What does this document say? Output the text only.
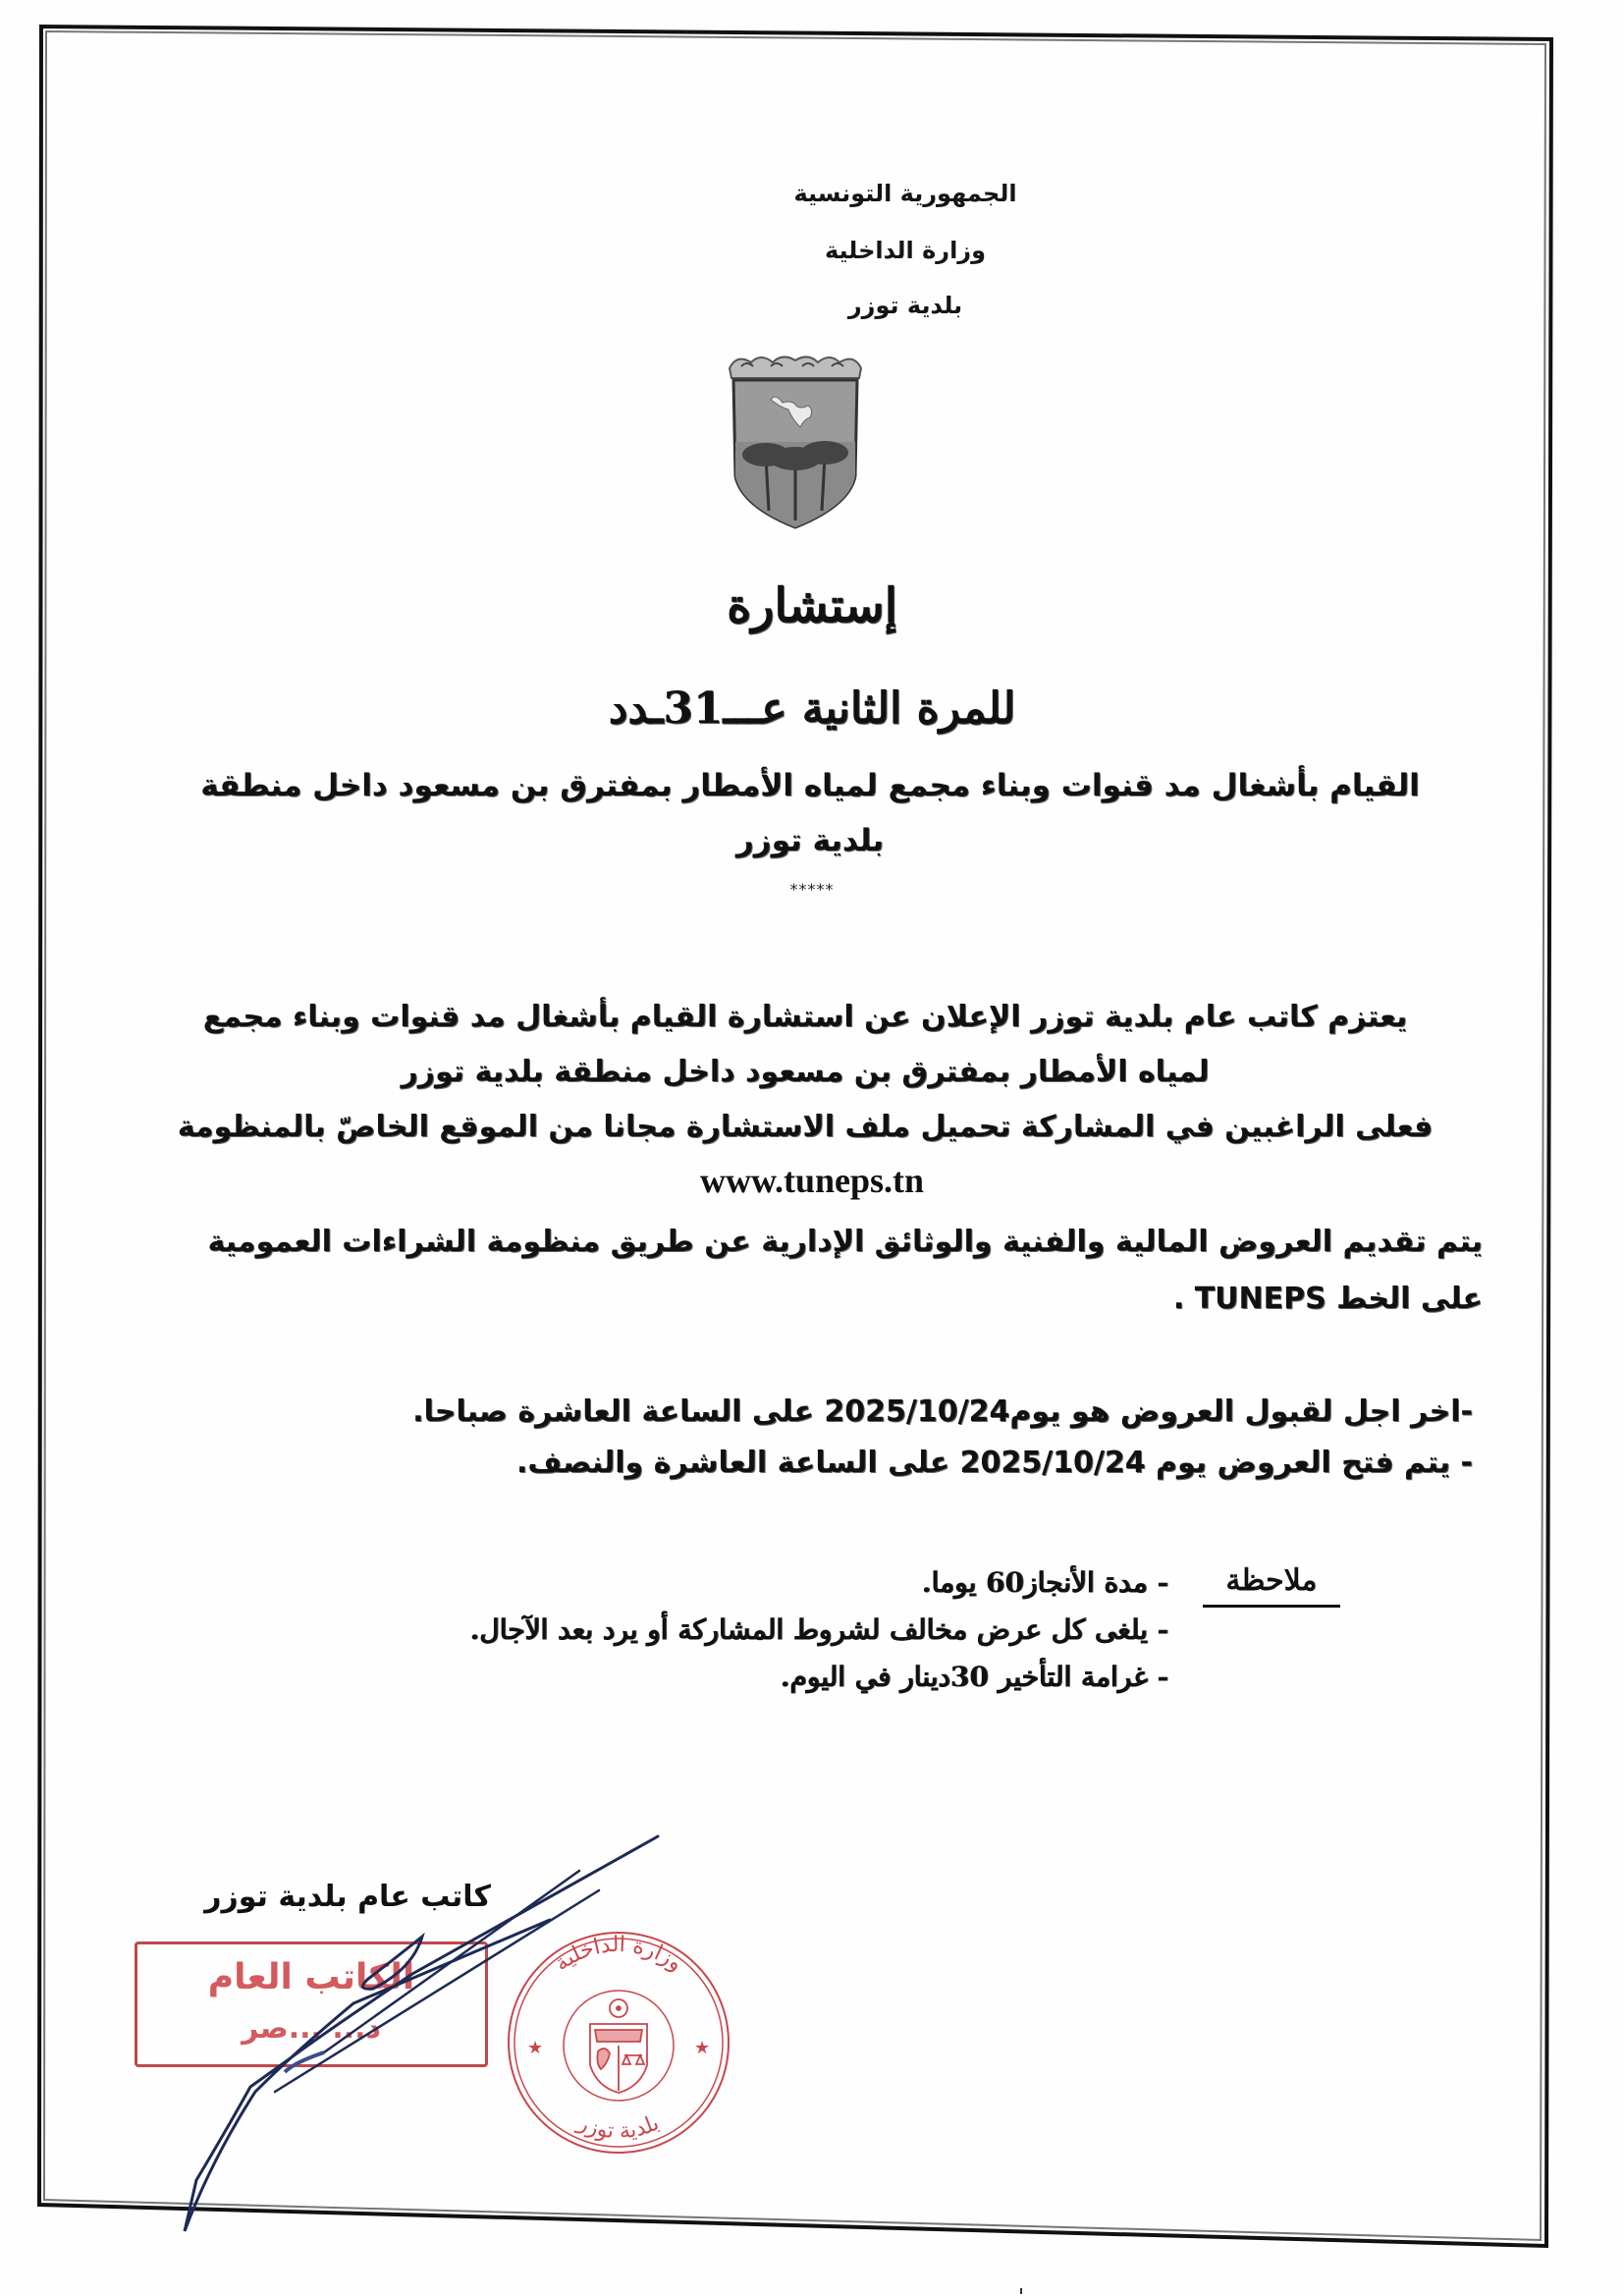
الجمهورية التونسية
وزارة الداخلية
بلدية توزر
إستشارة
للمرة الثانية عـــ31ـدد
القيام بأشغال مد قنوات وبناء مجمع لمياه الأمطار بمفترق بن مسعود داخل منطقة
بلدية توزر
*****
يعتزم كاتب عام بلدية توزر الإعلان عن استشارة القيام بأشغال مد قنوات وبناء مجمع
لمياه الأمطار بمفترق بن مسعود داخل منطقة بلدية توزر
فعلى الراغبين في المشاركة تحميل ملف الاستشارة مجانا من الموقع الخاصّ بالمنظومة
www.tuneps.tn
يتم تقديم العروض المالية والفنية والوثائق الإدارية عن طريق منظومة الشراءات العمومية
على الخط TUNEPS .
-اخر اجل لقبول العروض هو يوم2025/10/24 على الساعة العاشرة صباحا.
- يتم فتح العروض يوم 2025/10/24 على الساعة العاشرة والنصف.
ملاحظة
- مدة الأنجاز60 يوما.
- يلغى كل عرض مخالف لشروط المشاركة أو يرد بعد الآجال.
- غرامة التأخير 30دينار في اليوم.
كاتب عام بلدية توزر
الكاتب العام
د... ...صر
وزارة الداخلية
بلدية توزر
★	★
